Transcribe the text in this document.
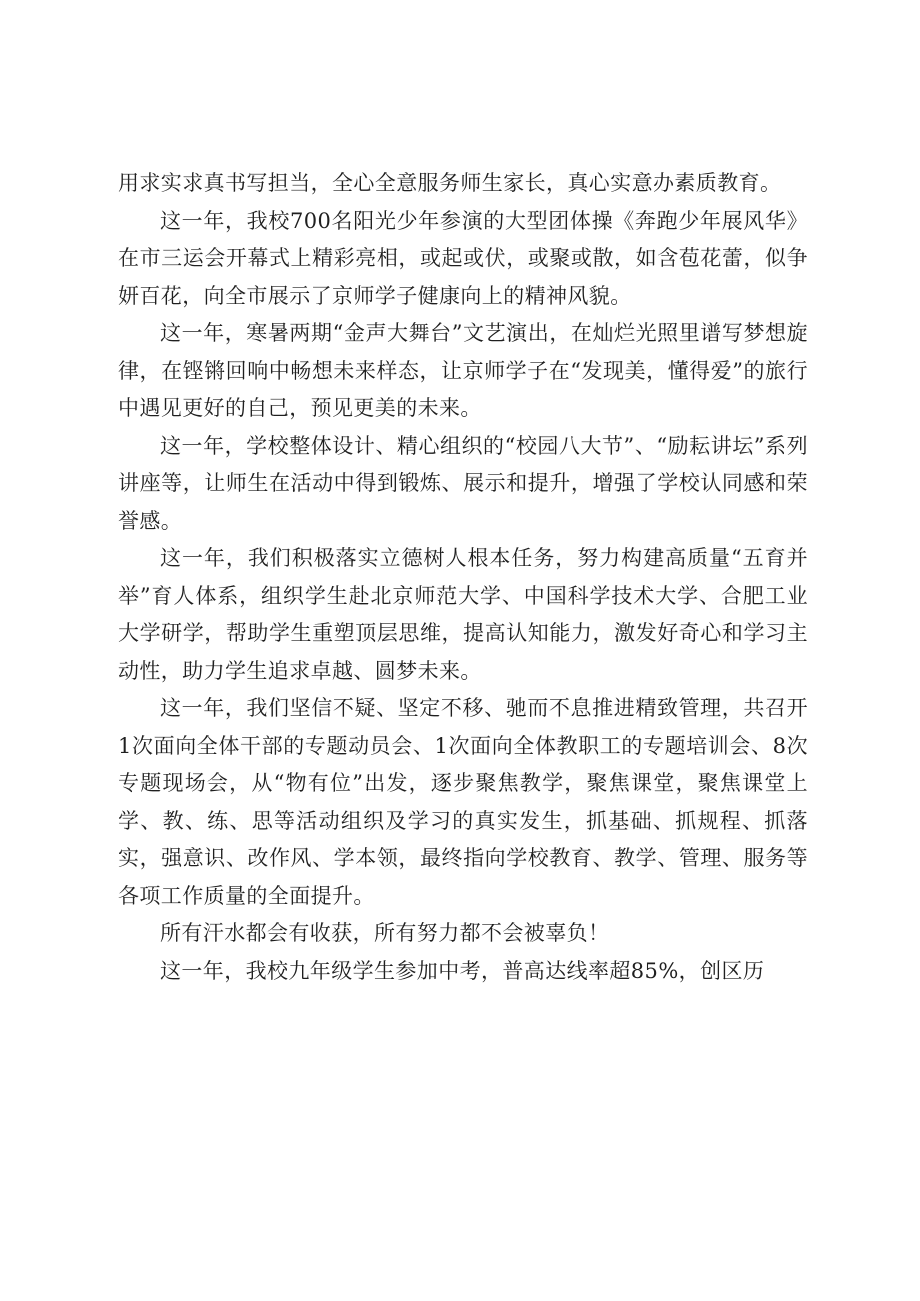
用求实求真书写担当，全心全意服务师生家长，真心实意办素质教育。

这一年，我校700名阳光少年参演的大型团体操《奔跑少年展风华》在市三运会开幕式上精彩亮相，或起或伏，或聚或散，如含苞花蕾，似争妍百花，向全市展示了京师学子健康向上的精神风貌。

这一年，寒暑两期“金声大舞台”文艺演出，在灿烂光照里谱写梦想旋律，在铿锵回响中畅想未来样态，让京师学子在“发现美，懂得爱”的旅行中遇见更好的自己，预见更美的未来。

这一年，学校整体设计、精心组织的“校园八大节”、“励耘讲坛”系列讲座等，让师生在活动中得到锻炼、展示和提升，增强了学校认同感和荣誉感。

这一年，我们积极落实立德树人根本任务，努力构建高质量“五育并举”育人体系，组织学生赴北京师范大学、中国科学技术大学、合肥工业大学研学，帮助学生重塑顶层思维，提高认知能力，激发好奇心和学习主动性，助力学生追求卓越、圆梦未来。

这一年，我们坚信不疑、坚定不移、驰而不息推进精致管理，共召开1次面向全体干部的专题动员会、1次面向全体教职工的专题培训会、8次专题现场会，从“物有位”出发，逐步聚焦教学，聚焦课堂，聚焦课堂上学、教、练、思等活动组织及学习的真实发生，抓基础、抓规程、抓落实，强意识、改作风、学本领，最终指向学校教育、教学、管理、服务等各项工作质量的全面提升。

所有汗水都会有收获，所有努力都不会被辜负！

这一年，我校九年级学生参加中考，普高达线率超85%，创区历
